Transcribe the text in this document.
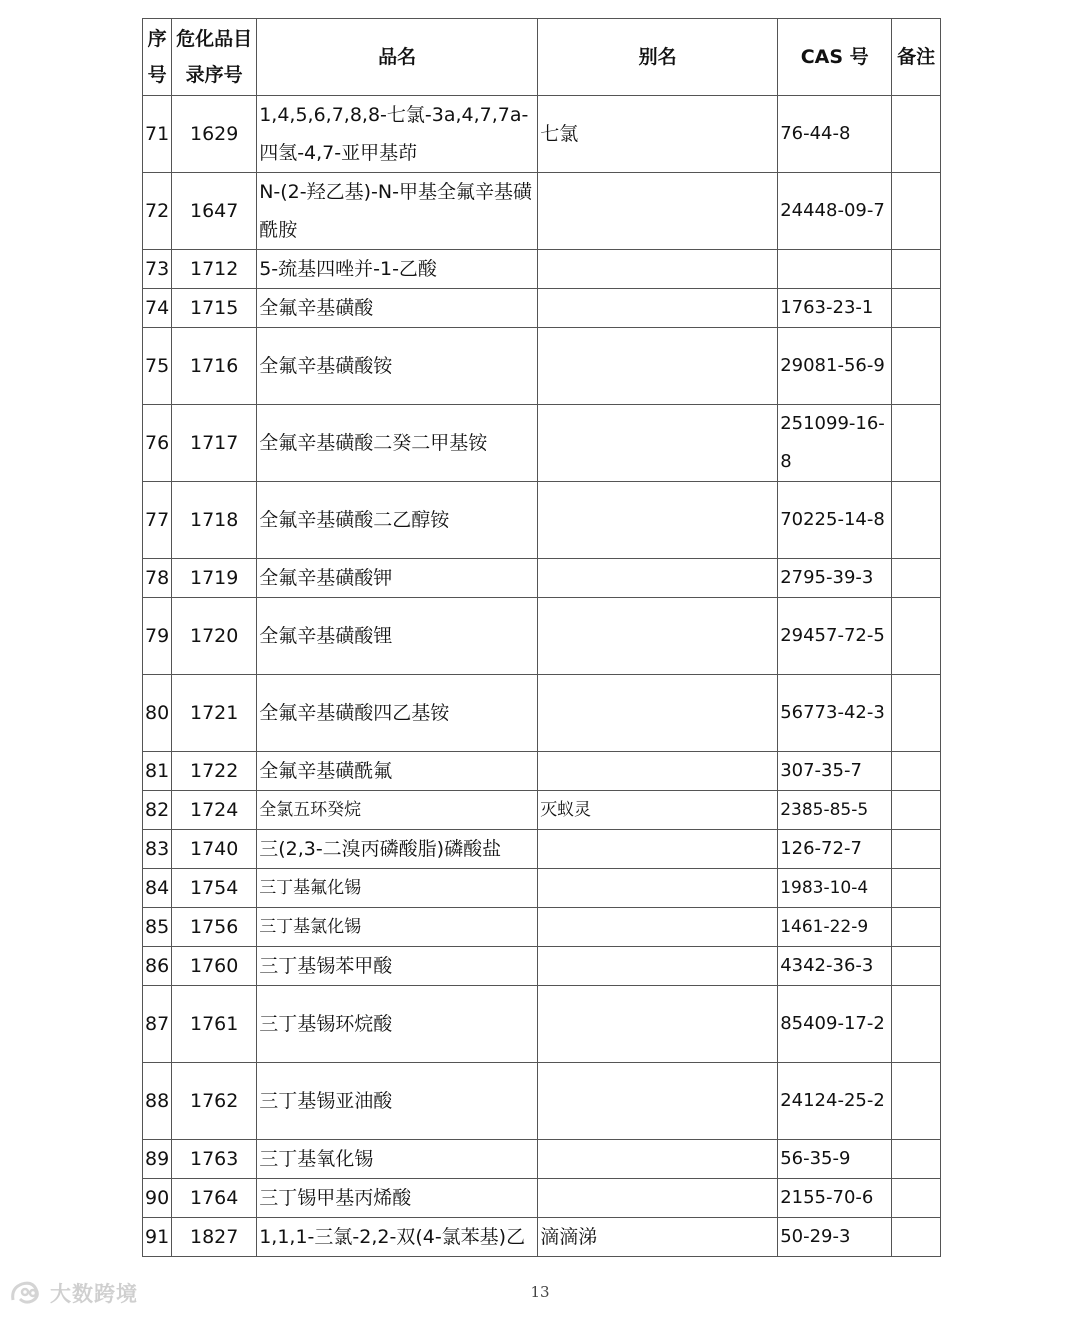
序号	危化品目录序号	品名	别名	CAS 号	备注
71	1629	1,4,5,6,7,8,8-七氯-3a,4,7,7a-四氢-4,7-亚甲基茚	七氯	76-44-8	
72	1647	N-(2-羟乙基)-N-甲基全氟辛基磺酰胺		24448-09-7	
73	1712	5-巯基四唑并-1-乙酸			
74	1715	全氟辛基磺酸		1763-23-1	
75	1716	全氟辛基磺酸铵		29081-56-9	
76	1717	全氟辛基磺酸二癸二甲基铵		251099-16-8	
77	1718	全氟辛基磺酸二乙醇铵		70225-14-8	
78	1719	全氟辛基磺酸钾		2795-39-3	
79	1720	全氟辛基磺酸锂		29457-72-5	
80	1721	全氟辛基磺酸四乙基铵		56773-42-3	
81	1722	全氟辛基磺酰氟		307-35-7	
82	1724	全氯五环癸烷	灭蚁灵	2385-85-5	
83	1740	三(2,3-二溴丙磷酸脂)磷酸盐		126-72-7	
84	1754	三丁基氟化锡		1983-10-4	
85	1756	三丁基氯化锡		1461-22-9	
86	1760	三丁基锡苯甲酸		4342-36-3	
87	1761	三丁基锡环烷酸		85409-17-2	
88	1762	三丁基锡亚油酸		24124-25-2	
89	1763	三丁基氧化锡		56-35-9	
90	1764	三丁锡甲基丙烯酸		2155-70-6	
91	1827	1,1,1-三氯-2,2-双(4-氯苯基)乙	滴滴涕	50-29-3	
13
大数跨境
